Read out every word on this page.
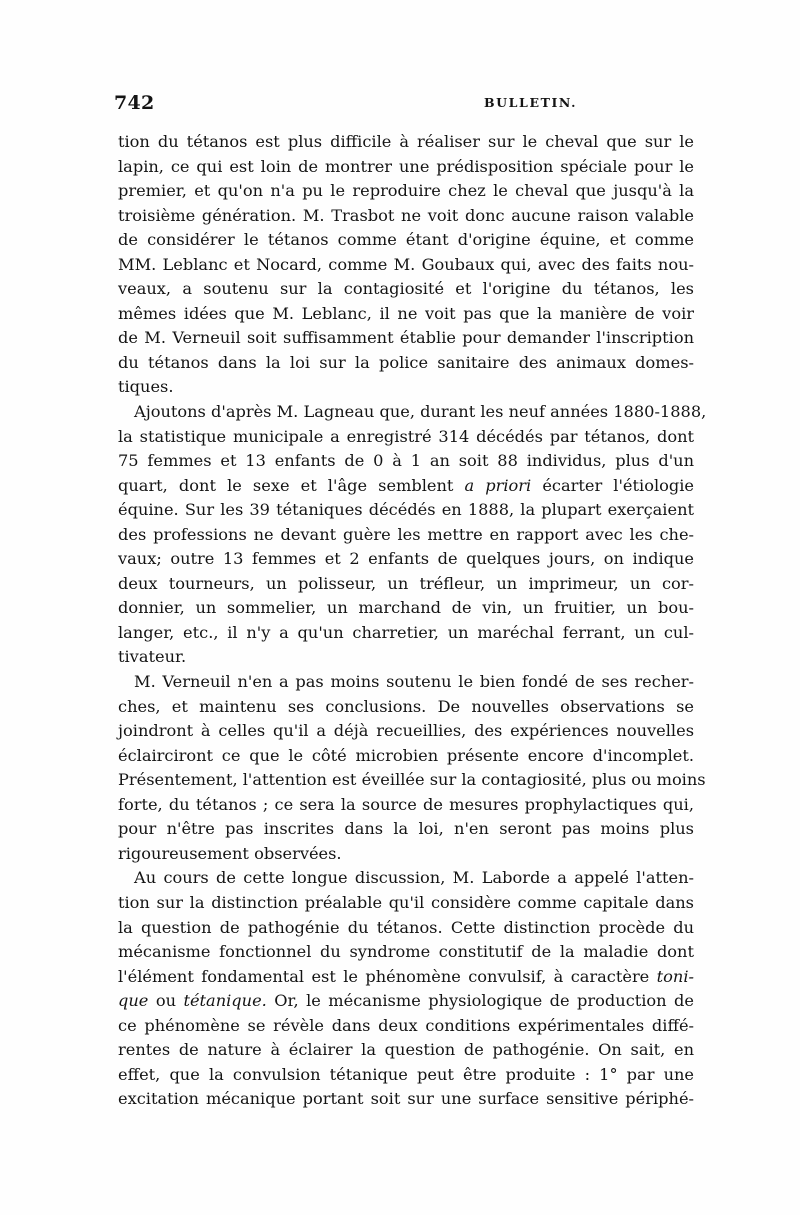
742	BULLETIN.
tion du tétanos est plus difficile à réaliser sur le cheval que sur le
lapin, ce qui est loin de montrer une prédisposition spéciale pour le
premier, et qu'on n'a pu le reproduire chez le cheval que jusqu'à la
troisième génération. M. Trasbot ne voit donc aucune raison valable
de considérer le tétanos comme étant d'origine équine, et comme
MM. Leblanc et Nocard, comme M. Goubaux qui, avec des faits nou-
veaux, a soutenu sur la contagiosité et l'origine du tétanos, les
mêmes idées que M. Leblanc, il ne voit pas que la manière de voir
de M. Verneuil soit suffisamment établie pour demander l'inscription
du tétanos dans la loi sur la police sanitaire des animaux domes-
tiques.
Ajoutons d'après M. Lagneau que, durant les neuf années 1880-1888,
la statistique municipale a enregistré 314 décédés par tétanos, dont
75 femmes et 13 enfants de 0 à 1 an soit 88 individus, plus d'un
quart, dont le sexe et l'âge semblent a priori écarter l'étiologie
équine. Sur les 39 tétaniques décédés en 1888, la plupart exerçaient
des professions ne devant guère les mettre en rapport avec les che-
vaux; outre 13 femmes et 2 enfants de quelques jours, on indique
deux tourneurs, un polisseur, un tréfleur, un imprimeur, un cor-
donnier, un sommelier, un marchand de vin, un fruitier, un bou-
langer, etc., il n'y a qu'un charretier, un maréchal ferrant, un cul-
tivateur.
M. Verneuil n'en a pas moins soutenu le bien fondé de ses recher-
ches, et maintenu ses conclusions. De nouvelles observations se
joindront à celles qu'il a déjà recueillies, des expériences nouvelles
éclairciront ce que le côté microbien présente encore d'incomplet.
Présentement, l'attention est éveillée sur la contagiosité, plus ou moins
forte, du tétanos ; ce sera la source de mesures prophylactiques qui,
pour n'être pas inscrites dans la loi, n'en seront pas moins plus
rigoureusement observées.
Au cours de cette longue discussion, M. Laborde a appelé l'atten-
tion sur la distinction préalable qu'il considère comme capitale dans
la question de pathogénie du tétanos. Cette distinction procède du
mécanisme fonctionnel du syndrome constitutif de la maladie dont
l'élément fondamental est le phénomène convulsif, à caractère toni-
que ou tétanique. Or, le mécanisme physiologique de production de
ce phénomène se révèle dans deux conditions expérimentales diffé-
rentes de nature à éclairer la question de pathogénie. On sait, en
effet, que la convulsion tétanique peut être produite : 1° par une
excitation mécanique portant soit sur une surface sensitive périphé-
